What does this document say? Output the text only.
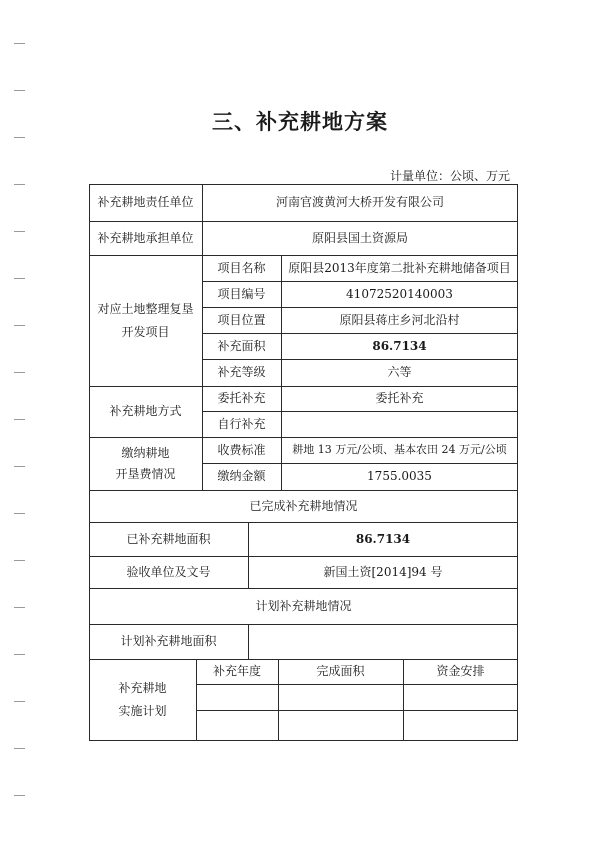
三、补充耕地方案
计量单位：公顷、万元
补充耕地责任单位	河南官渡黄河大桥开发有限公司
补充耕地承担单位	原阳县国土资源局
对应土地整理复垦
开发项目
项目名称	原阳县2013年度第二批补充耕地储备项目
项目编号	41072520140003
项目位置	原阳县蒋庄乡河北沿村
补充面积	86.7134
补充等级	六等
补充耕地方式
委托补充	委托补充
自行补充
缴纳耕地
开垦费情况
收费标准	耕地 13 万元/公顷、基本农田 24 万元/公顷
缴纳金额	1755.0035
已完成补充耕地情况
已补充耕地面积	86.7134
验收单位及文号	新国土资[2014]94 号
计划补充耕地情况
计划补充耕地面积
补充耕地
实施计划
补充年度	完成面积	资金安排
